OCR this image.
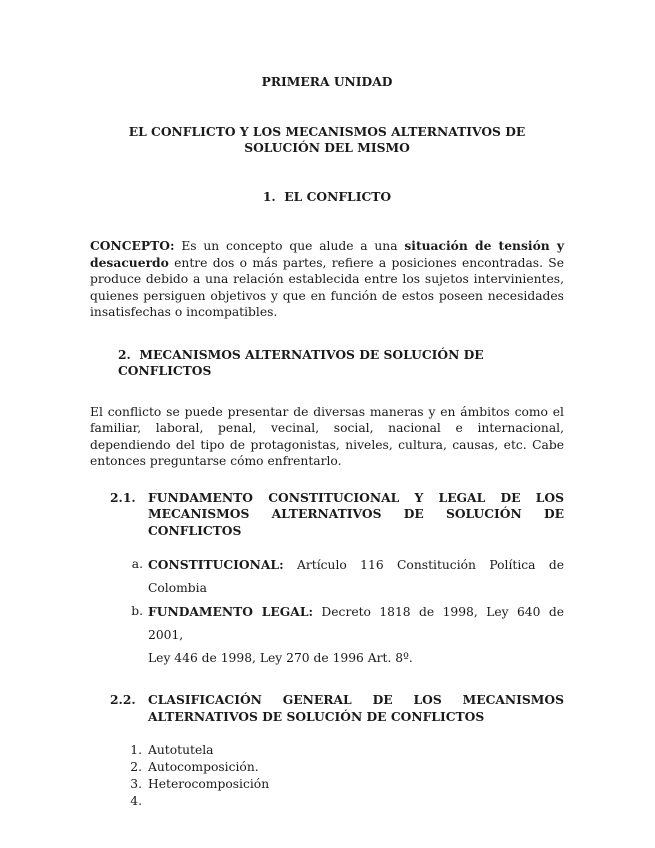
PRIMERA UNIDAD

EL CONFLICTO Y LOS MECANISMOS ALTERNATIVOS DE SOLUCIÓN DEL MISMO

1. EL CONFLICTO

CONCEPTO: Es un concepto que alude a una situación de tensión y desacuerdo entre dos o más partes, refiere a posiciones encontradas. Se produce debido a una relación establecida entre los sujetos intervinientes, quienes persiguen objetivos y que en función de estos poseen necesidades insatisfechas o incompatibles.

2. MECANISMOS ALTERNATIVOS DE SOLUCIÓN DE CONFLICTOS

El conflicto se puede presentar de diversas maneras y en ámbitos como el familiar, laboral, penal, vecinal, social, nacional e internacional, dependiendo del tipo de protagonistas, niveles, cultura, causas, etc. Cabe entonces preguntarse cómo enfrentarlo.

2.1.	FUNDAMENTO CONSTITUCIONAL Y LEGAL DE LOS
MECANISMOS ALTERNATIVOS DE SOLUCIÓN DE CONFLICTOS
a. CONSTITUCIONAL: Artículo 116 Constitución Política de
Colombia
b. FUNDAMENTO LEGAL: Decreto 1818 de 1998, Ley 640 de 2001,
Ley 446 de 1998, Ley 270 de 1996 Art. 8º.
2.2.	CLASIFICACIÓN GENERAL DE LOS MECANISMOS
ALTERNATIVOS DE SOLUCIÓN DE CONFLICTOS
1. Autotutela
2. Autocomposición.
3. Heterocomposición
4.
